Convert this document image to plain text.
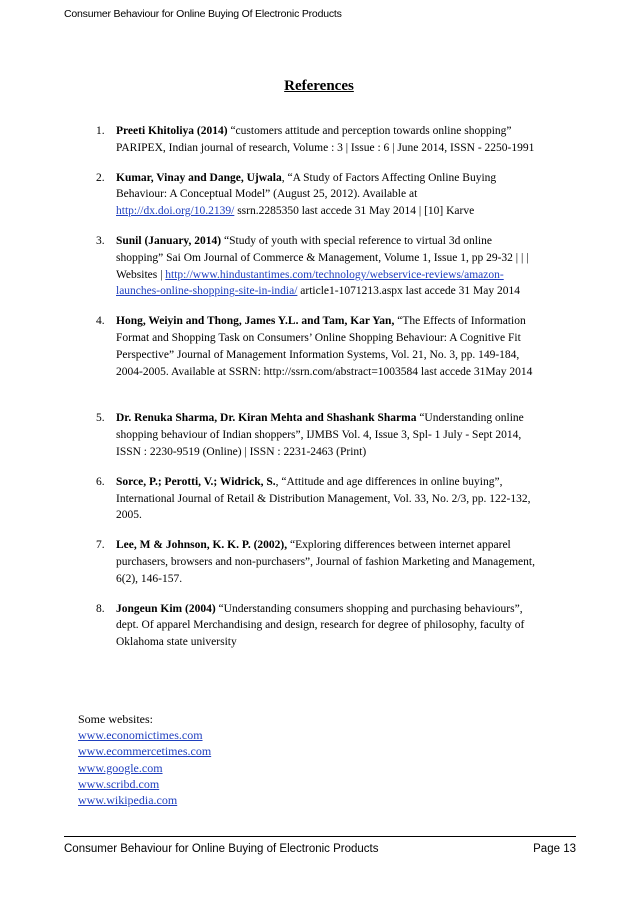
Consumer Behaviour for Online Buying Of Electronic Products
References
1. Preeti Khitoliya (2014) “customers attitude and perception towards online shopping” PARIPEX, Indian journal of research, Volume : 3 | Issue : 6 | June 2014, ISSN - 2250-1991
2. Kumar, Vinay and Dange, Ujwala, “A Study of Factors Affecting Online Buying Behaviour: A Conceptual Model” (August 25, 2012). Available at http://dx.doi.org/10.2139/ ssrn.2285350 last accede 31 May 2014 | [10] Karve
3. Sunil (January, 2014) “Study of youth with special reference to virtual 3d online shopping” Sai Om Journal of Commerce & Management, Volume 1, Issue 1, pp 29-32 | | | Websites | http://www.hindustantimes.com/technology/webservice-reviews/amazon-launches-online-shopping-site-in-india/ article1-1071213.aspx last accede 31 May 2014
4. Hong, Weiyin and Thong, James Y.L. and Tam, Kar Yan, “The Effects of Information Format and Shopping Task on Consumers’ Online Shopping Behaviour: A Cognitive Fit Perspective” Journal of Management Information Systems, Vol. 21, No. 3, pp. 149-184, 2004-2005. Available at SSRN: http://ssrn.com/abstract=1003584 last accede 31May 2014
5. Dr. Renuka Sharma, Dr. Kiran Mehta and Shashank Sharma “Understanding online shopping behaviour of Indian shoppers”, IJMBS Vol. 4, Issue 3, Spl- 1 July - Sept 2014, ISSN : 2230-9519 (Online) | ISSN : 2231-2463 (Print)
6. Sorce, P.; Perotti, V.; Widrick, S., “Attitude and age differences in online buying”, International Journal of Retail & Distribution Management, Vol. 33, No. 2/3, pp. 122-132, 2005.
7. Lee, M & Johnson, K. K. P. (2002), “Exploring differences between internet apparel purchasers, browsers and non-purchasers”, Journal of fashion Marketing and Management, 6(2), 146-157.
8. Jongeun Kim (2004) “Understanding consumers shopping and purchasing behaviours”, dept. Of apparel Merchandising and design, research for degree of philosophy, faculty of Oklahoma state university
Some websites:
www.economictimes.com
www.ecommercetimes.com
www.google.com
www.scribd.com
www.wikipedia.com
Consumer Behaviour for Online Buying of Electronic Products	Page 13
